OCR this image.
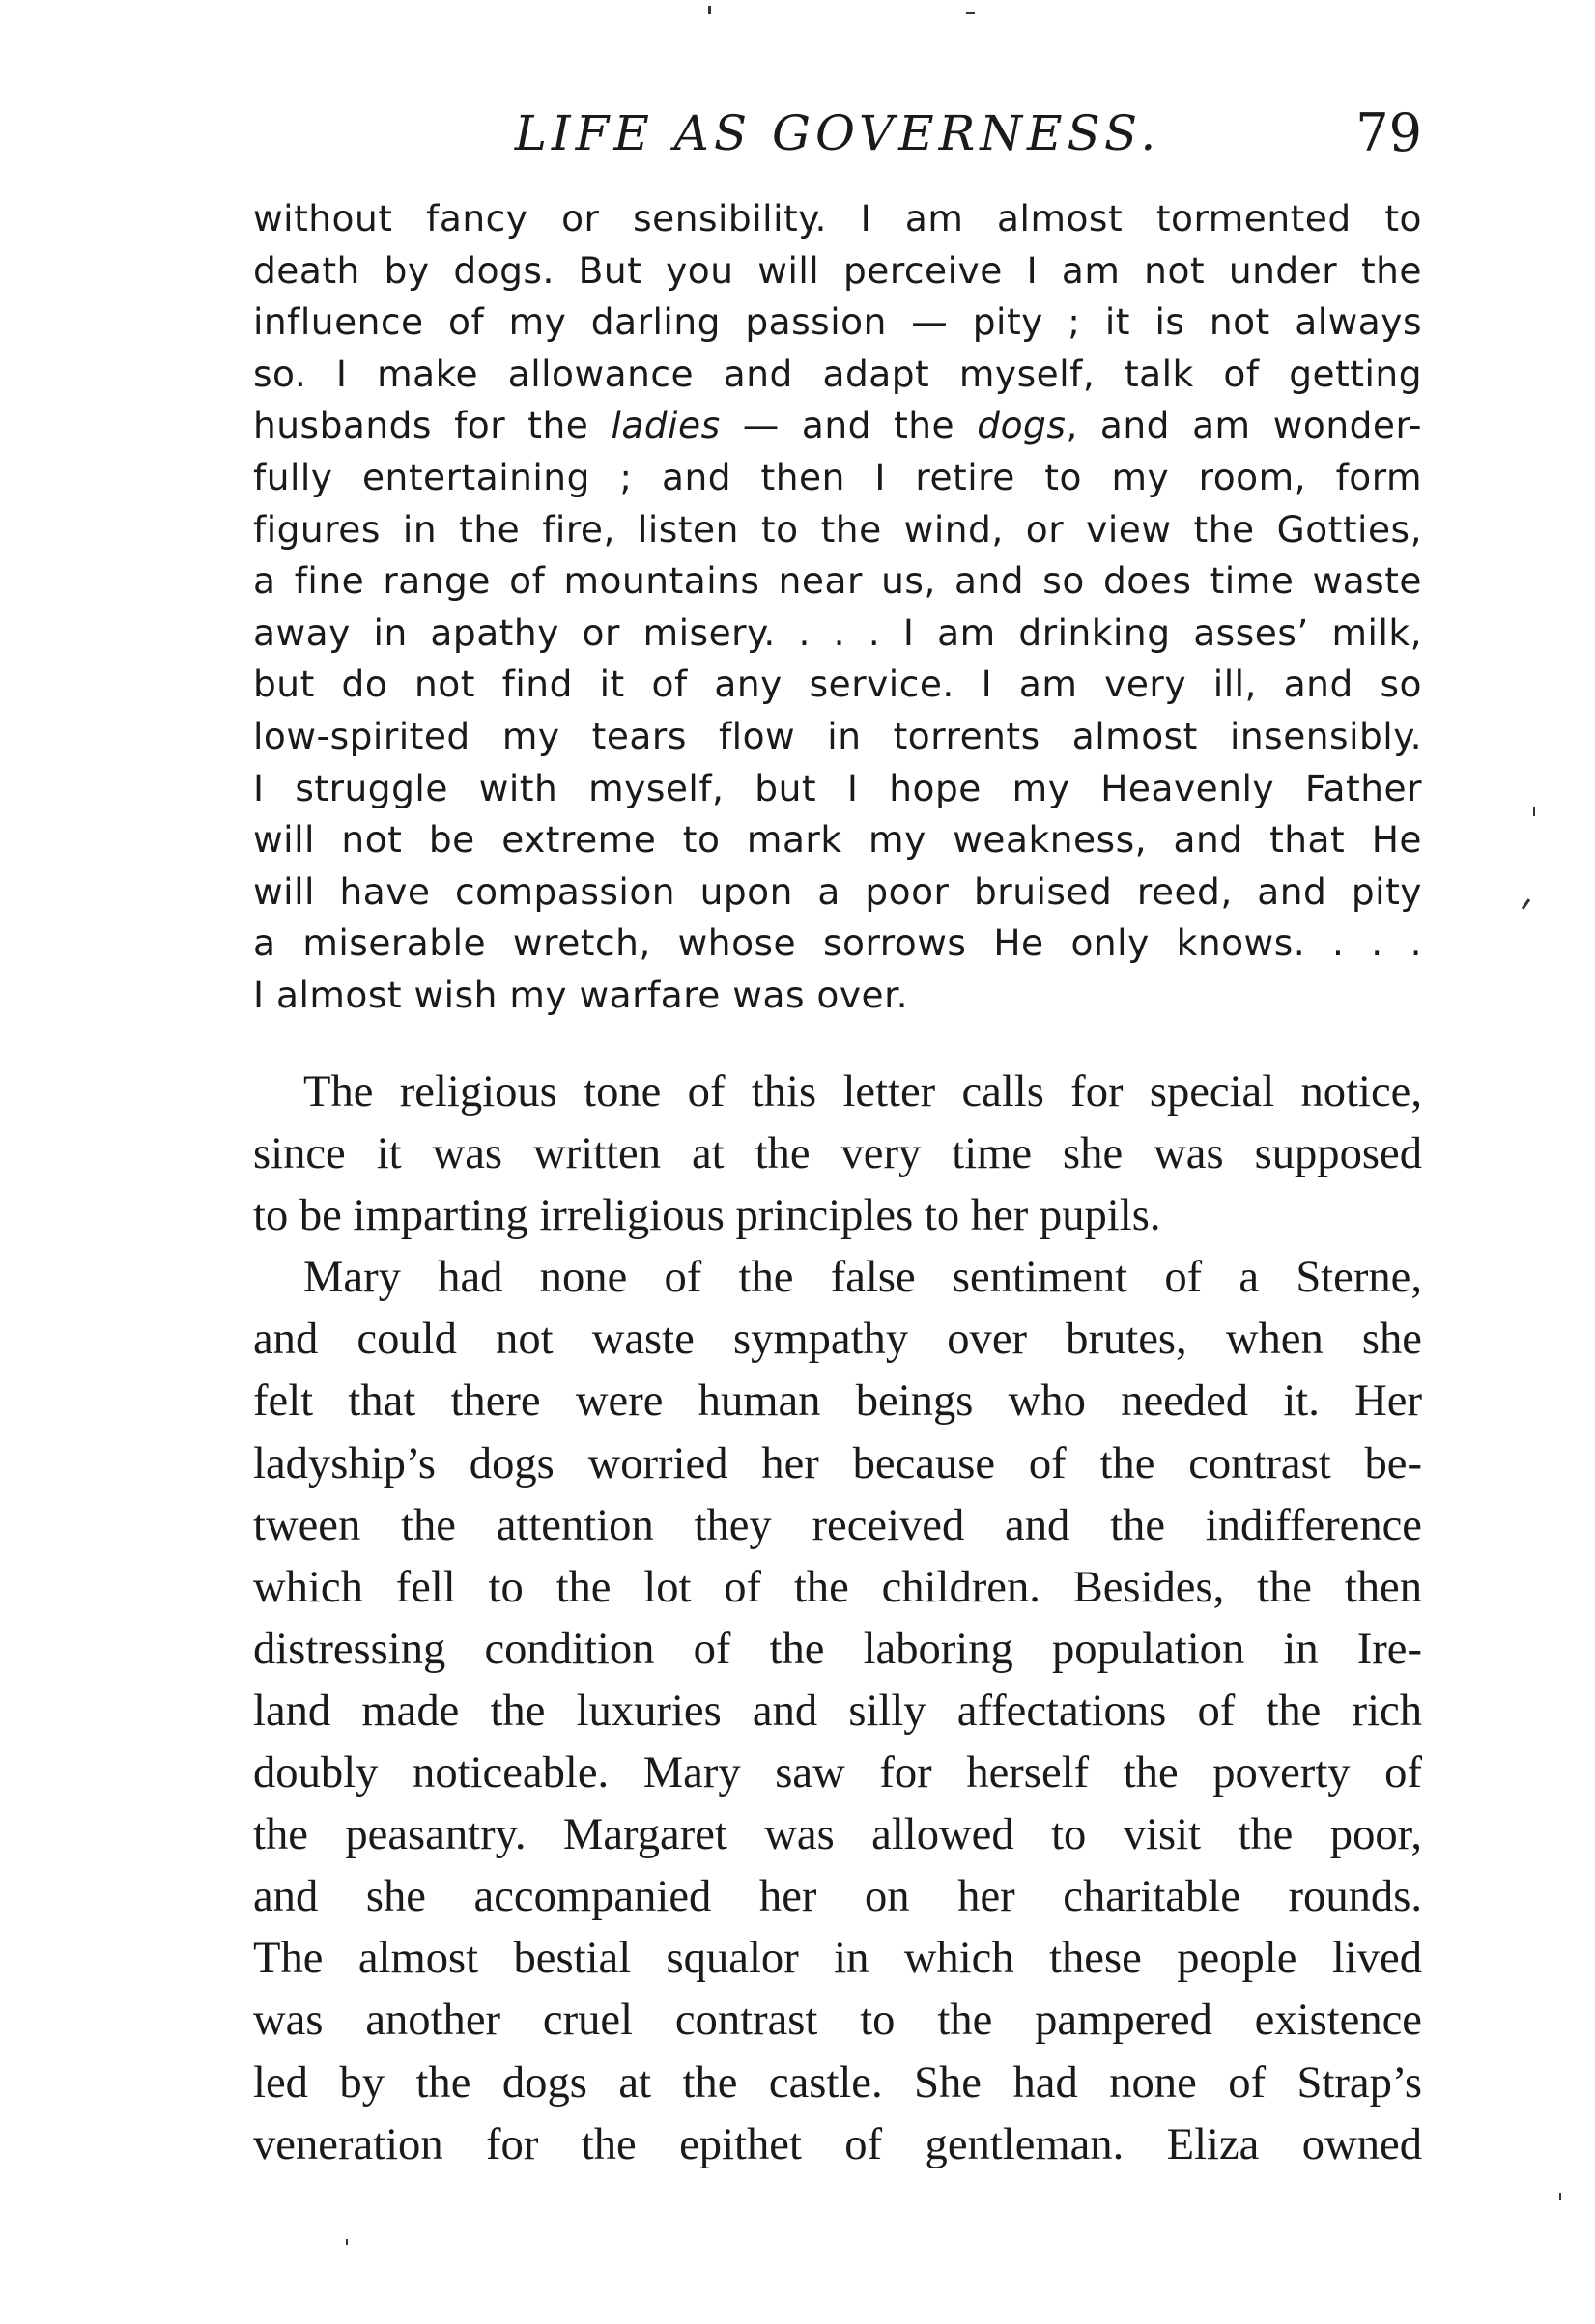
LIFE AS GOVERNESS.	79
without fancy or sensibility. I am almost tormented to
death by dogs. But you will perceive I am not under the
influence of my darling passion — pity ; it is not always
so. I make allowance and adapt myself, talk of getting
husbands for the ladies — and the dogs, and am wonder-
fully entertaining ; and then I retire to my room, form
figures in the fire, listen to the wind, or view the Gotties,
a fine range of mountains near us, and so does time waste
away in apathy or misery. . . . I am drinking asses’ milk,
but do not find it of any service. I am very ill, and so
low-spirited my tears flow in torrents almost insensibly.
I struggle with myself, but I hope my Heavenly Father
will not be extreme to mark my weakness, and that He
will have compassion upon a poor bruised reed, and pity
a miserable wretch, whose sorrows He only knows. . . .
I almost wish my warfare was over.
The religious tone of this letter calls for special notice,
since it was written at the very time she was supposed
to be imparting irreligious principles to her pupils.
Mary had none of the false sentiment of a Sterne,
and could not waste sympathy over brutes, when she
felt that there were human beings who needed it. Her
ladyship’s dogs worried her because of the contrast be-
tween the attention they received and the indifference
which fell to the lot of the children. Besides, the then
distressing condition of the laboring population in Ire-
land made the luxuries and silly affectations of the rich
doubly noticeable. Mary saw for herself the poverty of
the peasantry. Margaret was allowed to visit the poor,
and she accompanied her on her charitable rounds.
The almost bestial squalor in which these people lived
was another cruel contrast to the pampered existence
led by the dogs at the castle. She had none of Strap’s
veneration for the epithet of gentleman. Eliza owned
